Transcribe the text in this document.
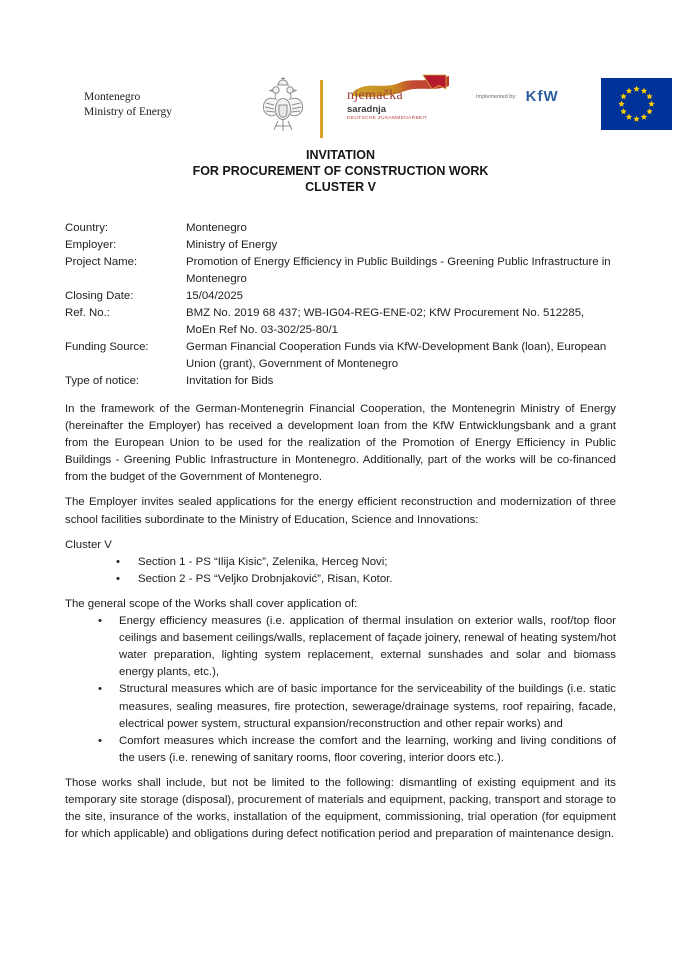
Montenegro
Ministry of Energy
njemačka
saradnja
DEUTSCHE ZUSAMMENARBEIT
Implemented by: KfW
INVITATION
FOR PROCUREMENT OF CONSTRUCTION WORK
CLUSTER V
Country:	Montenegro
Employer:	Ministry of Energy
Project Name:	Promotion of Energy Efficiency in Public Buildings - Greening Public Infrastructure in Montenegro
Closing Date:	15/04/2025
Ref. No.:	BMZ No. 2019 68 437; WB-IG04-REG-ENE-02; KfW Procurement No. 512285, MoEn Ref No. 03-302/25-80/1
Funding Source:	German Financial Cooperation Funds via KfW-Development Bank (loan), European Union (grant), Government of Montenegro
Type of notice:	Invitation for Bids

In the framework of the German-Montenegrin Financial Cooperation, the Montenegrin Ministry of Energy (hereinafter the Employer) has received a development loan from the KfW Entwicklungsbank and a grant from the European Union to be used for the realization of the Promotion of Energy Efficiency in Public Buildings - Greening Public Infrastructure in Montenegro. Additionally, part of the works will be co-financed from the budget of the Government of Montenegro.

The Employer invites sealed applications for the energy efficient reconstruction and modernization of three school facilities subordinate to the Ministry of Education, Science and Innovations:

Cluster V
• Section 1 - PS “Ilija Kisic”, Zelenika, Herceg Novi;
• Section 2 - PS “Veljko Drobnjaković”, Risan, Kotor.
The general scope of the Works shall cover application of:
• Energy efficiency measures (i.e. application of thermal insulation on exterior walls, roof/top floor ceilings and basement ceilings/walls, replacement of façade joinery, renewal of heating system/hot water preparation, lighting system replacement, external sunshades and solar and biomass energy plants, etc.),
• Structural measures which are of basic importance for the serviceability of the buildings (i.e. static measures, sealing measures, fire protection, sewerage/drainage systems, roof repairing, facade, electrical power system, structural expansion/reconstruction and other repair works) and
• Comfort measures which increase the comfort and the learning, working and living conditions of the users (i.e. renewing of sanitary rooms, floor covering, interior doors etc.).

Those works shall include, but not be limited to the following: dismantling of existing equipment and its temporary site storage (disposal), procurement of materials and equipment, packing, transport and storage to the site, insurance of the works, installation of the equipment, commissioning, trial operation (for equipment for which applicable) and obligations during defect notification period and preparation of maintenance design.
